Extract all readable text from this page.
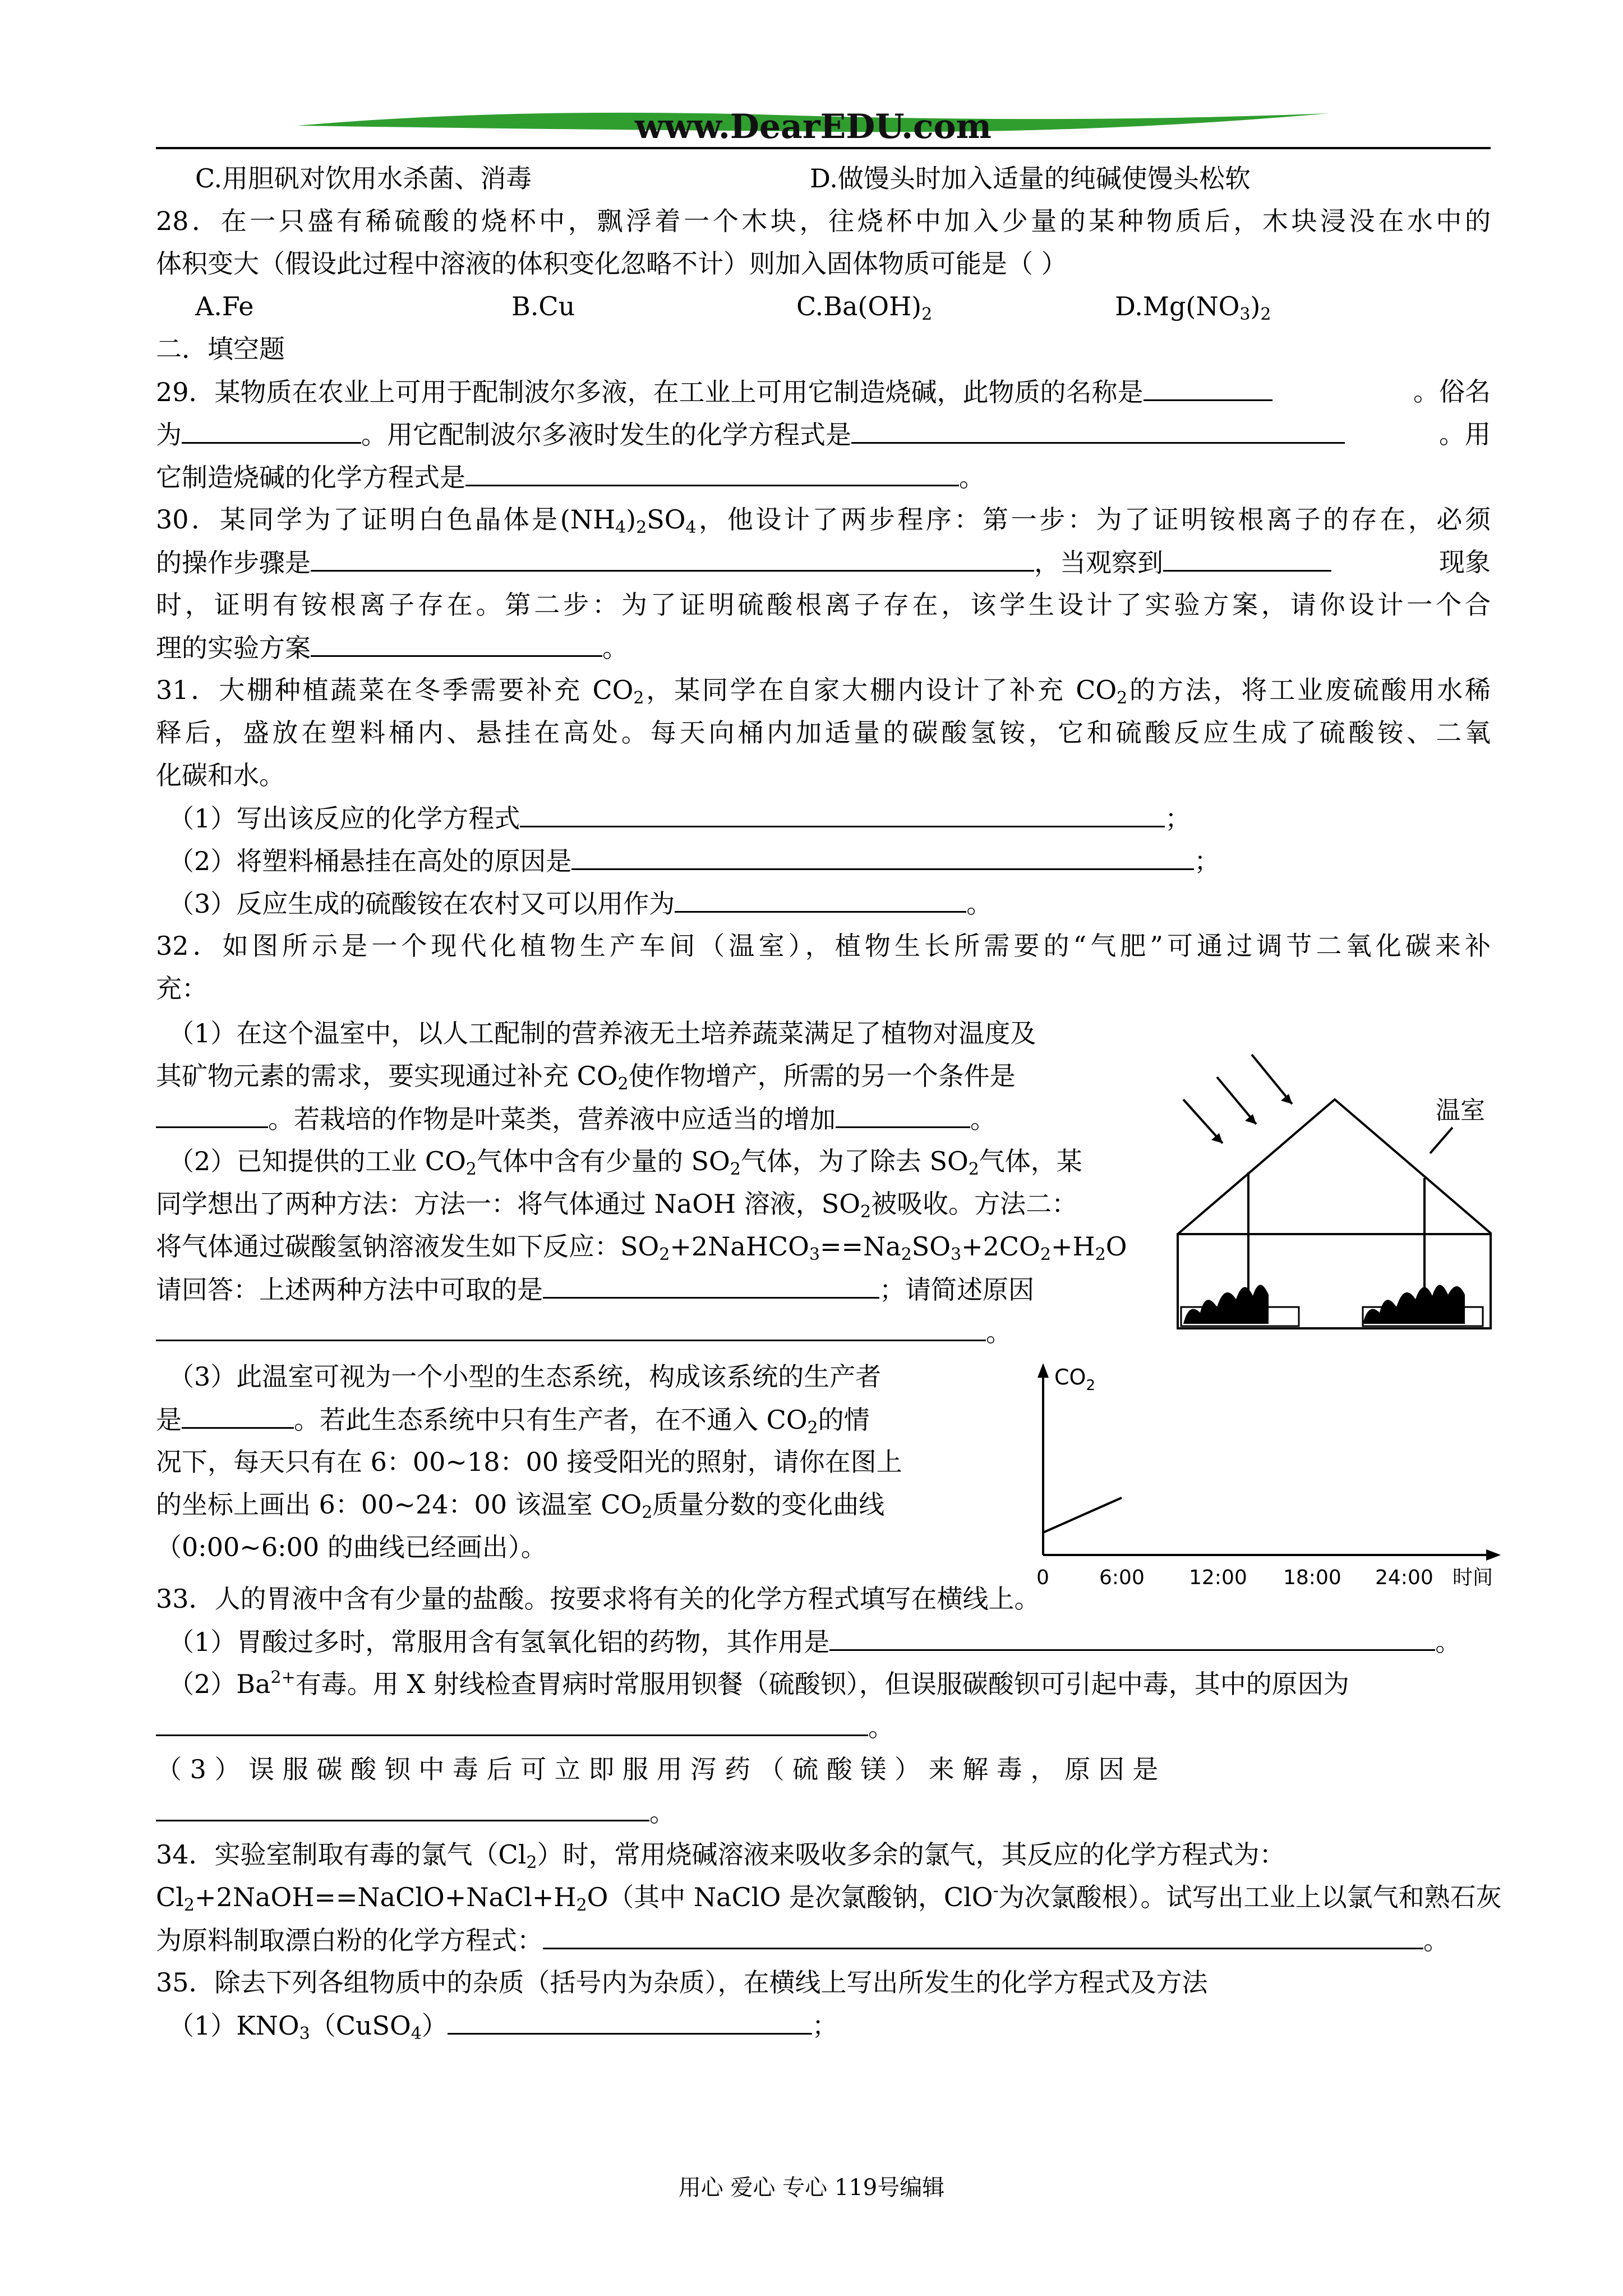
www.DearEDU.com
C.用胆矾对饮用水杀菌、消毒	D.做馒头时加入适量的纯碱使馒头松软
28．在一只盛有稀硫酸的烧杯中，飘浮着一个木块，往烧杯中加入少量的某种物质后，木块浸没在水中的
体积变大（假设此过程中溶液的体积变化忽略不计）则加入固体物质可能是（ ）
A.Fe	B.Cu	$C.Ba(OH)_2$	$D.Mg(NO_3)_2$
二．填空题
29．某物质在农业上可用于配制波尔多液，在工业上可用它制造烧碱，此物质的名称是	。俗名
为	。用它配制波尔多液时发生的化学方程式是	。用
它制造烧碱的化学方程式是	。
30．某同学为了证明白色晶体是$(NH_4)_2SO_4$，他设计了两步程序：第一步：为了证明铵根离子的存在，必须
的操作步骤是	，当观察到	现象
时，证明有铵根离子存在。第二步：为了证明硫酸根离子存在，该学生设计了实验方案，请你设计一个合
理的实验方案	。
31．大棚种植蔬菜在冬季需要补充 $CO_2$，某同学在自家大棚内设计了补充 $CO_2$的方法，将工业废硫酸用水稀
释后，盛放在塑料桶内、悬挂在高处。每天向桶内加适量的碳酸氢铵，它和硫酸反应生成了硫酸铵、二氧
化碳和水。
（1）写出该反应的化学方程式	；
（2）将塑料桶悬挂在高处的原因是	；
（3）反应生成的硫酸铵在农村又可以用作为	。
32．如图所示是一个现代化植物生产车间（温室），植物生长所需要的“气肥”可通过调节二氧化碳来补
充：
（1）在这个温室中，以人工配制的营养液无土培养蔬菜满足了植物对温度及
其矿物元素的需求，要实现通过补充 $CO_2$使作物增产，所需的另一个条件是
。若栽培的作物是叶菜类，营养液中应适当的增加	。
（2）已知提供的工业 $CO_2$气体中含有少量的 $SO_2$气体，为了除去 $SO_2$气体，某
同学想出了两种方法：方法一：将气体通过 NaOH 溶液，$SO_2$被吸收。方法二：
将气体通过碳酸氢钠溶液发生如下反应：$SO_2+2NaHCO_3==Na_2SO_3+2CO_2+H_2O$
请回答：上述两种方法中可取的是	；请简述原因
。
（3）此温室可视为一个小型的生态系统，构成该系统的生产者
是	。若此生态系统中只有生产者，在不通入 $CO_2$的情
况下，每天只有在 6：00~18：00 接受阳光的照射，请你在图上
的坐标上画出 6：00~24：00 该温室 $CO_2$质量分数的变化曲线
（0:00~6:00 的曲线已经画出）。
温室
$CO_2$
0 6:00 12:00 18:00 24:00 时间
33．人的胃液中含有少量的盐酸。按要求将有关的化学方程式填写在横线上。
（1）胃酸过多时，常服用含有氢氧化铝的药物，其作用是	。
$(2)Ba^{2+}$有毒。用 X 射线检查胃病时常服用钡餐（硫酸钡），但误服碳酸钡可引起中毒，其中的原因为
。
（ 3 ） 误 服 碳 酸 钡 中 毒 后 可 立 即 服 用 泻 药 （ 硫 酸 镁 ） 来 解 毒 ， 原 因 是
。
34．实验室制取有毒的氯气$(Cl_2)$时，常用烧碱溶液来吸收多余的氯气，其反应的化学方程式为：
$Cl_2+2NaOH==NaClO+NaCl+H_2O$（其中 NaClO 是次氯酸钠，ClO-为次氯酸根）。试写出工业上以氯气和熟石灰
为原料制取漂白粉的化学方程式：	。
35．除去下列各组物质中的杂质（括号内为杂质），在横线上写出所发生的化学方程式及方法
$(1)KNO_3(CuSO_4)$	；
用心 爱心 专心 119号编辑
